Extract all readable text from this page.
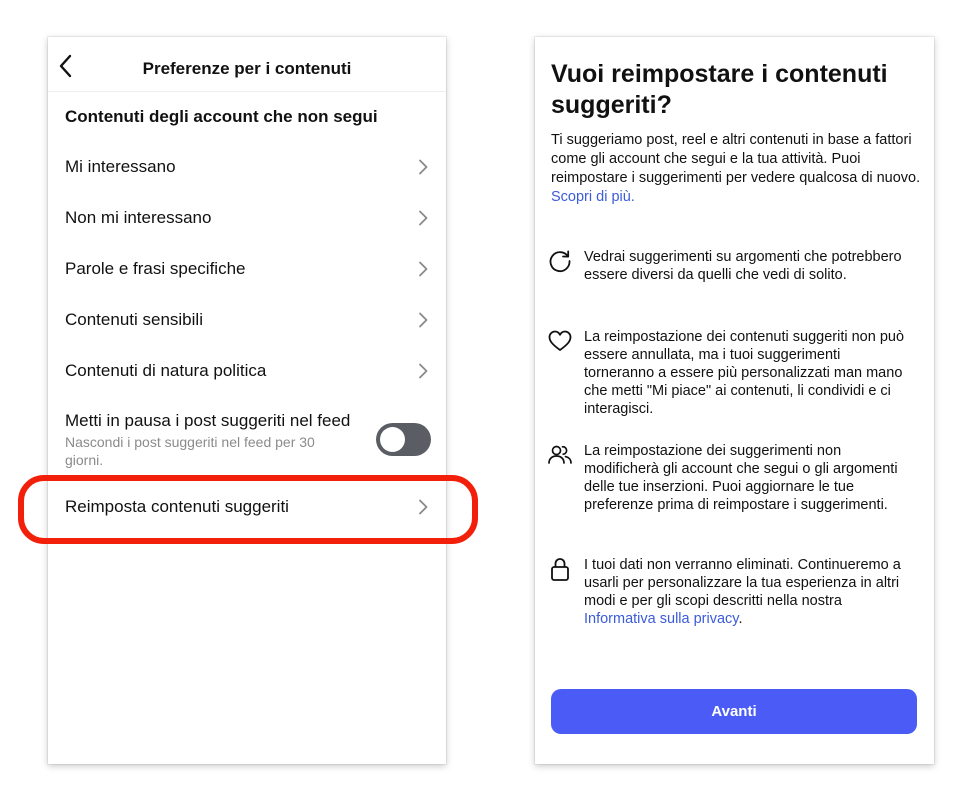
Preferenze per i contenuti
Contenuti degli account che non segui
Mi interessano
Non mi interessano
Parole e frasi specifiche
Contenuti sensibili
Contenuti di natura politica
Metti in pausa i post suggeriti nel feed
Nascondi i post suggeriti nel feed per 30 giorni.
Reimposta contenuti suggeriti
Vuoi reimpostare i contenuti suggeriti?
Ti suggeriamo post, reel e altri contenuti in base a fattori come gli account che segui e la tua attività. Puoi reimpostare i suggerimenti per vedere qualcosa di nuovo. Scopri di più.
Vedrai suggerimenti su argomenti che potrebbero essere diversi da quelli che vedi di solito.
La reimpostazione dei contenuti suggeriti non può essere annullata, ma i tuoi suggerimenti torneranno a essere più personalizzati man mano che metti "Mi piace" ai contenuti, li condividi e ci interagisci.
La reimpostazione dei suggerimenti non modificherà gli account che segui o gli argomenti delle tue inserzioni. Puoi aggiornare le tue preferenze prima di reimpostare i suggerimenti.
I tuoi dati non verranno eliminati. Continueremo a usarli per personalizzare la tua esperienza in altri modi e per gli scopi descritti nella nostra Informativa sulla privacy.
Avanti
